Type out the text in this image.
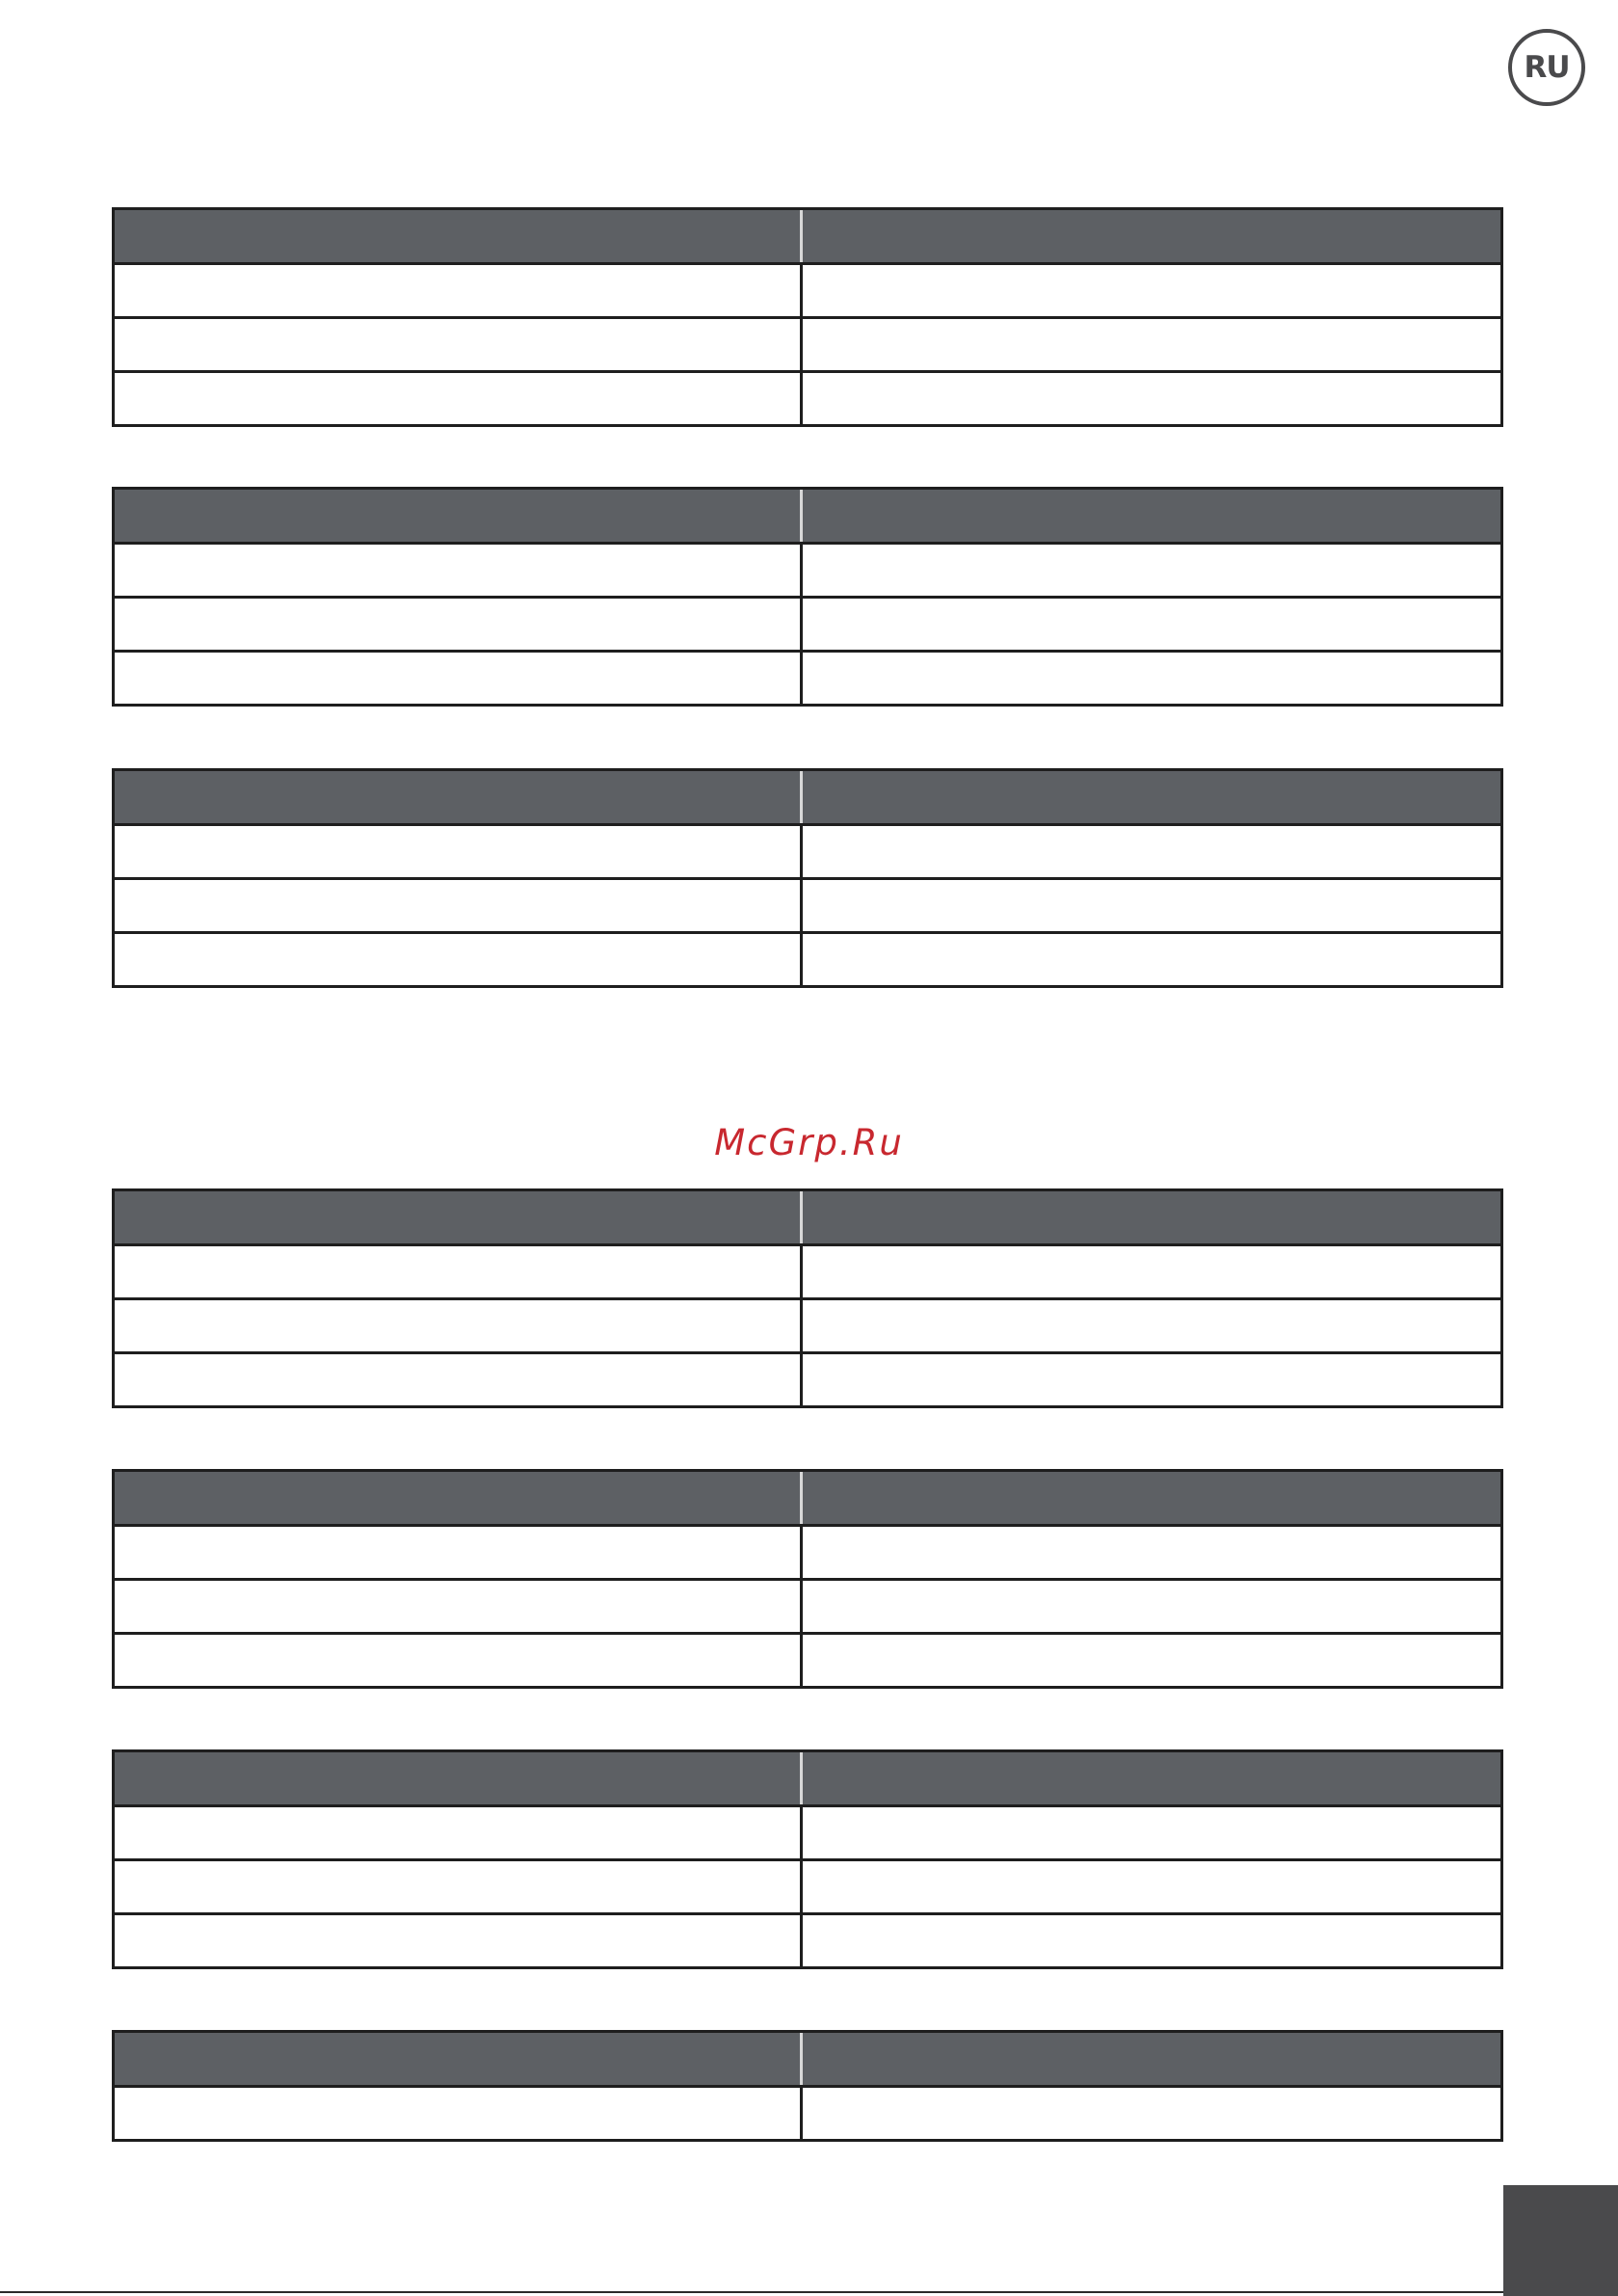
RU
McGrp.Ru
